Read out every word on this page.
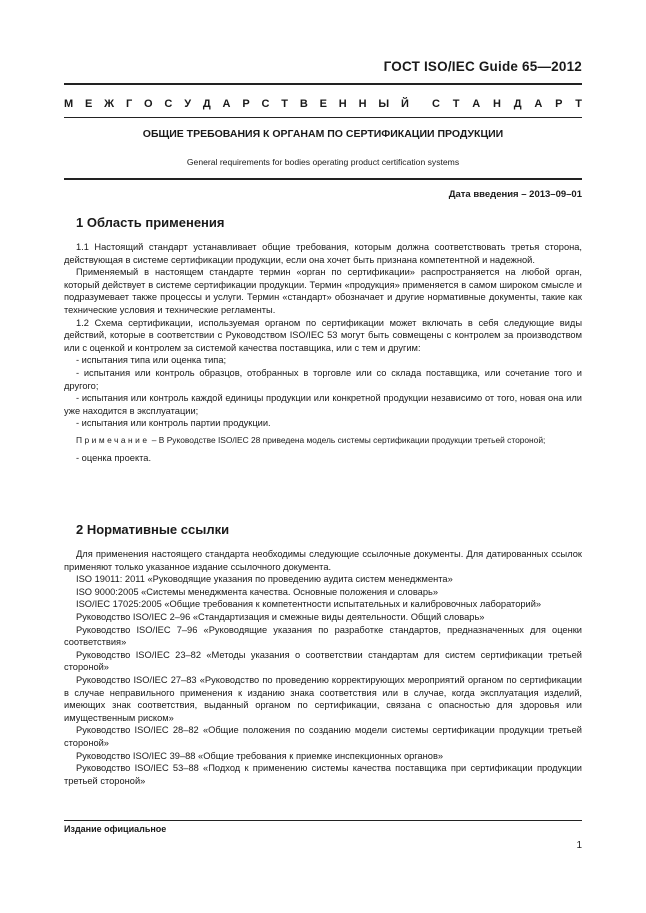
ГОСТ ISO/IEC Guide 65—2012
М Е Ж Г О С У Д А Р С Т В Е Н Н Ы Й С Т А Н Д А Р Т
ОБЩИЕ ТРЕБОВАНИЯ К ОРГАНАМ ПО СЕРТИФИКАЦИИ ПРОДУКЦИИ
General requirements for bodies operating product certification systems
Дата введения – 2013–09–01
1 Область применения

1.1 Настоящий стандарт устанавливает общие требования, которым должна соответствовать третья сторона, действующая в системе сертификации продукции, если она хочет быть признана компетентной и надежной.

Применяемый в настоящем стандарте термин «орган по сертификации» распространяется на любой орган, который действует в системе сертификации продукции. Термин «продукция» применяется в самом широком смысле и подразумевает также процессы и услуги. Термин «стандарт» обозначает и другие нормативные документы, такие как технические условия и технические регламенты.

1.2 Схема сертификации, используемая органом по сертификации может включать в себя следующие виды действий, которые в соответствии с Руководством ISO/IEC 53 могут быть совмещены с контролем за производством или с оценкой и контролем за системой качества поставщика, или с тем и другим:

- испытания типа или оценка типа;

- испытания или контроль образцов, отобранных в торговле или со склада поставщика, или сочетание того и другого;

- испытания или контроль каждой единицы продукции или конкретной продукции независимо от того, новая она или уже находится в эксплуатации;

- испытания или контроль партии продукции.

Примечание – В Руководстве ISO/IEC 28 приведена модель системы сертификации продукции третьей стороной;

- оценка проекта.

2 Нормативные ссылки

Для применения настоящего стандарта необходимы следующие ссылочные документы. Для датированных ссылок применяют только указанное издание ссылочного документа.

ISO 19011: 2011 «Руководящие указания по проведению аудита систем менеджмента»

ISO 9000:2005 «Системы менеджмента качества. Основные положения и словарь»

ISO/IEC 17025:2005 «Общие требования к компетентности испытательных и калибровочных лабораторий»

Руководство ISO/IEC 2–96 «Стандартизация и смежные виды деятельности. Общий словарь»

Руководство ISO/IEC 7–96 «Руководящие указания по разработке стандартов, предназначенных для оценки соответствия»

Руководство ISO/IEC 23–82 «Методы указания о соответствии стандартам для систем сертификации третьей стороной»

Руководство ISO/IEC 27–83 «Руководство по проведению корректирующих мероприятий органом по сертификации в случае неправильного применения к изданию знака соответствия или в случае, когда эксплуатация изделий, имеющих знак соответствия, выданный органом по сертификации, связана с опасностью для здоровья или имущественным риском»

Руководство ISO/IEC 28–82 «Общие положения по созданию модели системы сертификации продукции третьей стороной»

Руководство ISO/IEC 39–88 «Общие требования к приемке инспекционных органов»

Руководство ISO/IEC 53–88 «Подход к применению системы качества поставщика при сертификации продукции третьей стороной»

Издание официальное
1
